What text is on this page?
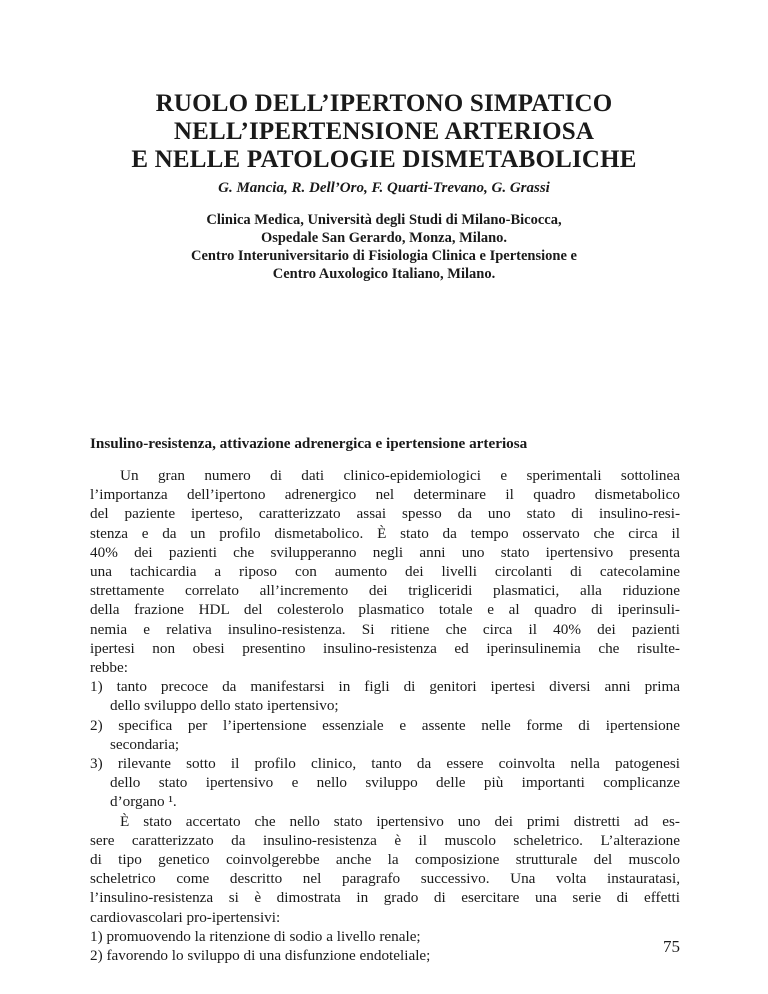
RUOLO DELL’IPERTONO SIMPATICO
NELL’IPERTENSIONE ARTERIOSA
E NELLE PATOLOGIE DISMETABOLICHE
G. Mancia, R. Dell’Oro, F. Quarti-Trevano, G. Grassi
Clinica Medica, Università degli Studi di Milano-Bicocca,
Ospedale San Gerardo, Monza, Milano.
Centro Interuniversitario di Fisiologia Clinica e Ipertensione e
Centro Auxologico Italiano, Milano.
Insulino-resistenza, attivazione adrenergica e ipertensione arteriosa
Un gran numero di dati clinico-epidemiologici e sperimentali sottolinea
l’importanza dell’ipertono adrenergico nel determinare il quadro dismetabolico
del paziente iperteso, caratterizzato assai spesso da uno stato di insulino-resi-
stenza e da un profilo dismetabolico. È stato da tempo osservato che circa il
40% dei pazienti che svilupperanno negli anni uno stato ipertensivo presenta
una tachicardia a riposo con aumento dei livelli circolanti di catecolamine
strettamente correlato all’incremento dei trigliceridi plasmatici, alla riduzione
della frazione HDL del colesterolo plasmatico totale e al quadro di iperinsuli-
nemia e relativa insulino-resistenza. Si ritiene che circa il 40% dei pazienti
ipertesi non obesi presentino insulino-resistenza ed iperinsulinemia che risulte-
rebbe:
1) tanto precoce da manifestarsi in figli di genitori ipertesi diversi anni prima
dello sviluppo dello stato ipertensivo;
2) specifica per l’ipertensione essenziale e assente nelle forme di ipertensione
secondaria;
3) rilevante sotto il profilo clinico, tanto da essere coinvolta nella patogenesi
dello stato ipertensivo e nello sviluppo delle più importanti complicanze
d’organo ¹.
È stato accertato che nello stato ipertensivo uno dei primi distretti ad es-
sere caratterizzato da insulino-resistenza è il muscolo scheletrico. L’alterazione
di tipo genetico coinvolgerebbe anche la composizione strutturale del muscolo
scheletrico come descritto nel paragrafo successivo. Una volta instauratasi,
l’insulino-resistenza si è dimostrata in grado di esercitare una serie di effetti
cardiovascolari pro-ipertensivi:
1) promuovendo la ritenzione di sodio a livello renale;
2) favorendo lo sviluppo di una disfunzione endoteliale;	75
